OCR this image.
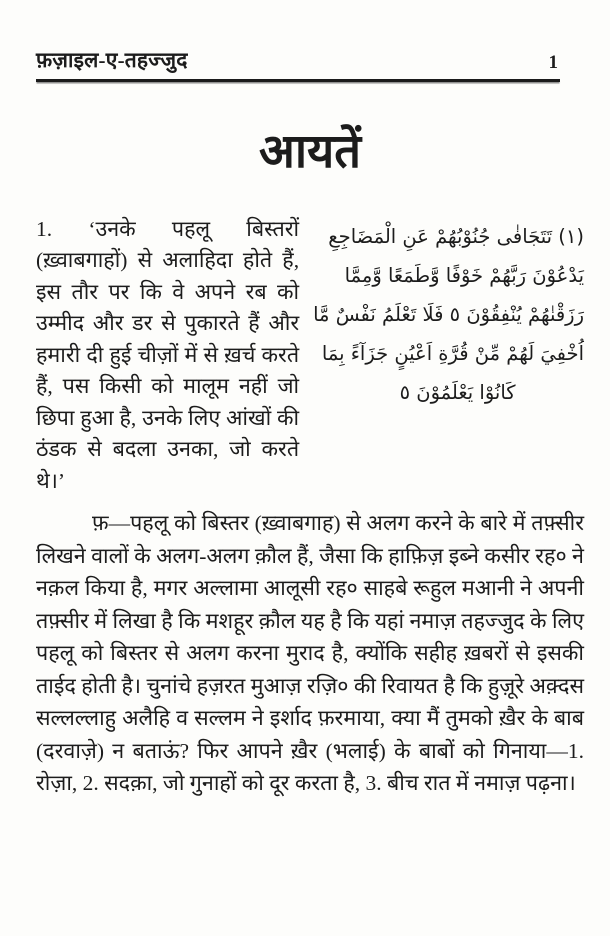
फ़ज़ाइल-ए-तहज्जुद	1
आयतें

1. ‘उनके पहलू बिस्तरों (ख़्वाबगाहों) से अलाहिदा होते हैं, इस तौर पर कि वे अपने रब को उम्मीद और डर से पुकारते हैं और हमारी दी हुई चीज़ों में से ख़र्च करते हैं, पस किसी को मालूम नहीं जो छिपा हुआ है, उनके लिए आंखों की ठंडक से बदला उनका, जो करते थे।’

(١) تَتَجَافٰى جُنُوْبُهُمْ عَنِ الْمَضَاجِعِ
يَدْعُوْنَ رَبَّهُمْ خَوْفًا وَّطَمَعًا وَّمِمَّا
رَزَقْنٰهُمْ يُنْفِقُوْنَ ٥ فَلَا تَعْلَمُ نَفْسٌ مَّا
اُخْفِيَ لَهُمْ مِّنْ قُرَّةِ اَعْيُنٍ جَزَآءً بِمَا
كَانُوْا يَعْلَمُوْنَ ٥

फ़—पहलू को बिस्तर (ख़्वाबगाह) से अलग करने के बारे में तफ़्सीर लिखने वालों के अलग-अलग क़ौल हैं, जैसा कि हाफ़िज़ इब्ने कसीर रह० ने नक़ल किया है, मगर अल्लामा आलूसी रह० साहबे रूहुल मआनी ने अपनी तफ़्सीर में लिखा है कि मशहूर क़ौल यह है कि यहां नमाज़ तहज्जुद के लिए पहलू को बिस्तर से अलग करना मुराद है, क्योंकि सहीह ख़बरों से इसकी ताईद होती है। चुनांचे हज़रत मुआज़ रज़ि० की रिवायत है कि हुज़ूरे अक़्दस सल्लल्लाहु अलैहि व सल्लम ने इर्शाद फ़रमाया, क्या मैं तुमको ख़ैर के बाब (दरवाज़े) न बताऊं? फिर आपने ख़ैर (भलाई) के बाबों को गिनाया—1. रोज़ा, 2. सदक़ा, जो गुनाहों को दूर करता है, 3. बीच रात में नमाज़ पढ़ना।
